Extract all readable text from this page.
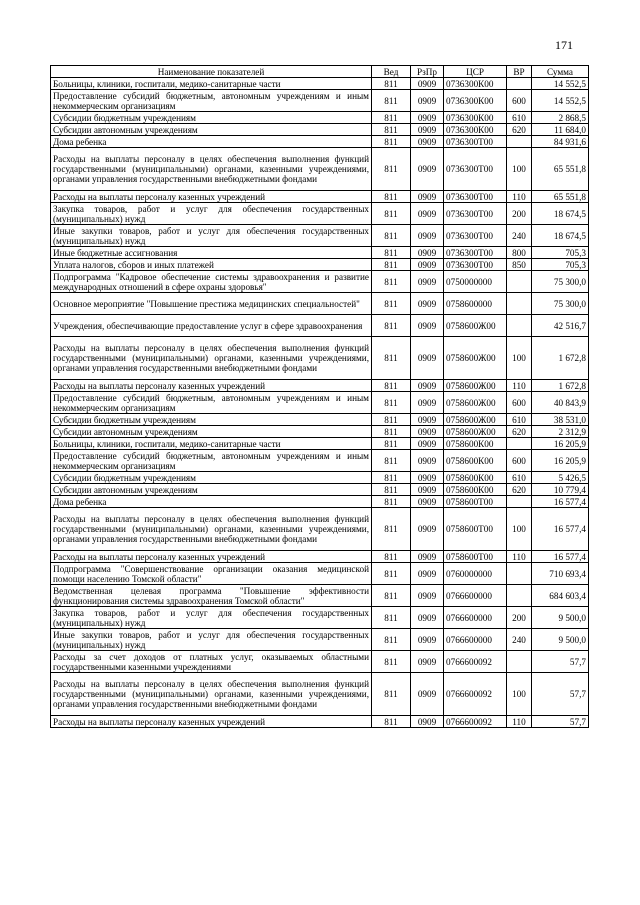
171
Наименование показателей	Вед	РзПр	ЦСР	ВР	Сумма
Больницы, клиники, госпитали, медико-санитарные части	811	0909	0736300К00		14 552,5
Предоставление субсидий бюджетным, автономным учреждениям и иным некоммерческим организациям	811	0909	0736300К00	600	14 552,5
Субсидии бюджетным учреждениям	811	0909	0736300К00	610	2 868,5
Субсидии автономным учреждениям	811	0909	0736300К00	620	11 684,0
Дома ребенка	811	0909	0736300Т00		84 931,6
Расходы на выплаты персоналу в целях обеспечения выполнения функций государственными (муниципальными) органами, казенными учреждениями, органами управления государственными внебюджетными фондами	811	0909	0736300Т00	100	65 551,8
Расходы на выплаты персоналу казенных учреждений	811	0909	0736300Т00	110	65 551,8
Закупка товаров, работ и услуг для обеспечения государственных (муниципальных) нужд	811	0909	0736300Т00	200	18 674,5
Иные закупки товаров, работ и услуг для обеспечения государственных (муниципальных) нужд	811	0909	0736300Т00	240	18 674,5
Иные бюджетные ассигнования	811	0909	0736300Т00	800	705,3
Уплата налогов, сборов и иных платежей	811	0909	0736300Т00	850	705,3
Подпрограмма "Кадровое обеспечение системы здравоохранения и развитие международных отношений в сфере охраны здоровья"	811	0909	0750000000		75 300,0
Основное мероприятие "Повышение престижа медицинских специальностей"	811	0909	0758600000		75 300,0
Учреждения, обеспечивающие предоставление услуг в сфере здравоохранения	811	0909	0758600Ж00		42 516,7
Расходы на выплаты персоналу в целях обеспечения выполнения функций государственными (муниципальными) органами, казенными учреждениями, органами управления государственными внебюджетными фондами	811	0909	0758600Ж00	100	1 672,8
Расходы на выплаты персоналу казенных учреждений	811	0909	0758600Ж00	110	1 672,8
Предоставление субсидий бюджетным, автономным учреждениям и иным некоммерческим организациям	811	0909	0758600Ж00	600	40 843,9
Субсидии бюджетным учреждениям	811	0909	0758600Ж00	610	38 531,0
Субсидии автономным учреждениям	811	0909	0758600Ж00	620	2 312,9
Больницы, клиники, госпитали, медико-санитарные части	811	0909	0758600К00		16 205,9
Предоставление субсидий бюджетным, автономным учреждениям и иным некоммерческим организациям	811	0909	0758600К00	600	16 205,9
Субсидии бюджетным учреждениям	811	0909	0758600К00	610	5 426,5
Субсидии автономным учреждениям	811	0909	0758600К00	620	10 779,4
Дома ребенка	811	0909	0758600Т00		16 577,4
Расходы на выплаты персоналу в целях обеспечения выполнения функций государственными (муниципальными) органами, казенными учреждениями, органами управления государственными внебюджетными фондами	811	0909	0758600Т00	100	16 577,4
Расходы на выплаты персоналу казенных учреждений	811	0909	0758600Т00	110	16 577,4
Подпрограмма "Совершенствование организации оказания медицинской помощи населению Томской области"	811	0909	0760000000		710 693,4
Ведомственная целевая программа "Повышение эффективности функционирования системы здравоохранения Томской области"	811	0909	0766600000		684 603,4
Закупка товаров, работ и услуг для обеспечения государственных (муниципальных) нужд	811	0909	0766600000	200	9 500,0
Иные закупки товаров, работ и услуг для обеспечения государственных (муниципальных) нужд	811	0909	0766600000	240	9 500,0
Расходы за счет доходов от платных услуг, оказываемых областными государственными казенными учреждениями	811	0909	0766600092		57,7
Расходы на выплаты персоналу в целях обеспечения выполнения функций государственными (муниципальными) органами, казенными учреждениями, органами управления государственными внебюджетными фондами	811	0909	0766600092	100	57,7
Расходы на выплаты персоналу казенных учреждений	811	0909	0766600092	110	57,7
